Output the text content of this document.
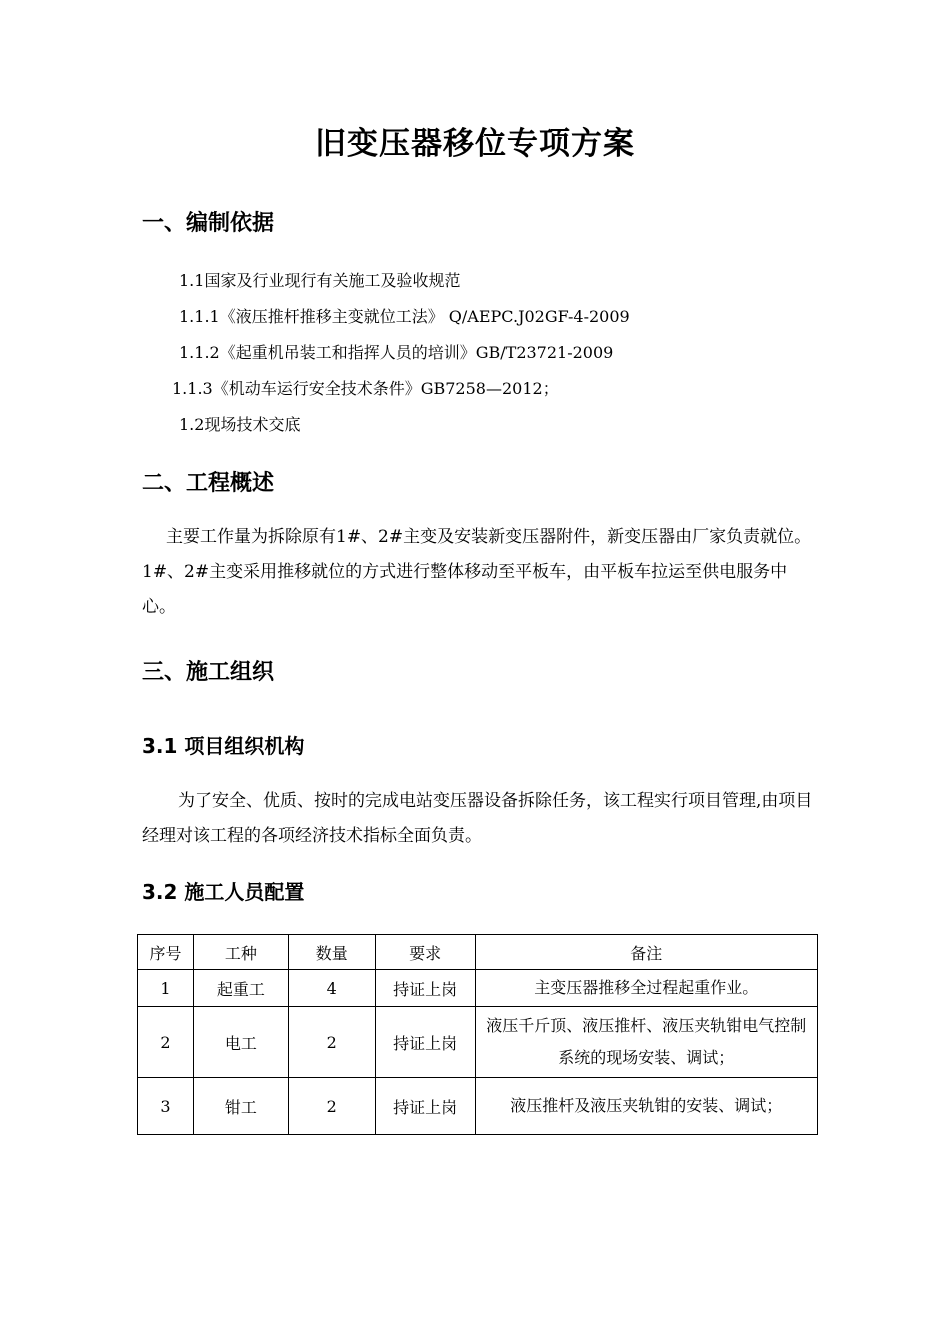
旧变压器移位专项方案
一、编制依据
1.1国家及行业现行有关施工及验收规范
1.1.1《液压推杆推移主变就位工法》 Q/AEPC.J02GF-4-2009
1.1.2《起重机吊装工和指挥人员的培训》GB/T23721-2009
1.1.3《机动车运行安全技术条件》GB7258—2012；
1.2现场技术交底
二、工程概述
主要工作量为拆除原有1#、2#主变及安装新变压器附件，新变压器由厂家负责就位。1#、2#主变采用推移就位的方式进行整体移动至平板车，由平板车拉运至供电服务中心。
三、施工组织
3.1 项目组织机构
为了安全、优质、按时的完成电站变压器设备拆除任务，该工程实行项目管理,由项目经理对该工程的各项经济技术指标全面负责。
3.2 施工人员配置
序号	工种	数量	要求	备注
1	起重工	4	持证上岗	主变压器推移全过程起重作业。
2	电工	2	持证上岗	液压千斤顶、液压推杆、液压夹轨钳电气控制系统的现场安装、调试；
3	钳工	2	持证上岗	液压推杆及液压夹轨钳的安装、调试；
